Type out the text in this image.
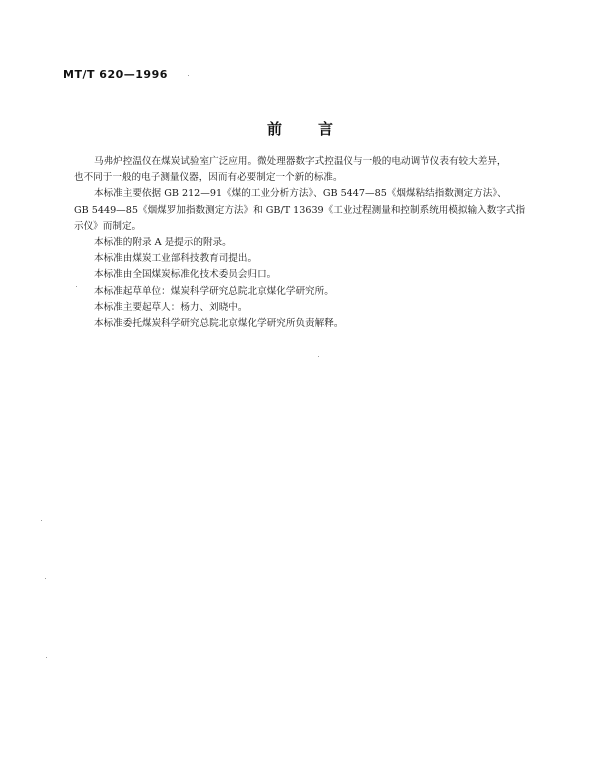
MT/T 620—1996
前 言
马弗炉控温仪在煤炭试验室广泛应用。微处理器数字式控温仪与一般的电动调节仪表有较大差异，
也不同于一般的电子测量仪器，因而有必要制定一个新的标准。
本标准主要依据 GB 212—91《煤的工业分析方法》、GB 5447—85《烟煤粘结指数测定方法》、
GB 5449—85《烟煤罗加指数测定方法》和 GB/T 13639《工业过程测量和控制系统用模拟输入数字式指
示仪》而制定。
本标准的附录 A 是提示的附录。
本标准由煤炭工业部科技教育司提出。
本标准由全国煤炭标准化技术委员会归口。
本标准起草单位：煤炭科学研究总院北京煤化学研究所。
本标准主要起草人：杨力、刘晓中。
本标准委托煤炭科学研究总院北京煤化学研究所负责解释。
